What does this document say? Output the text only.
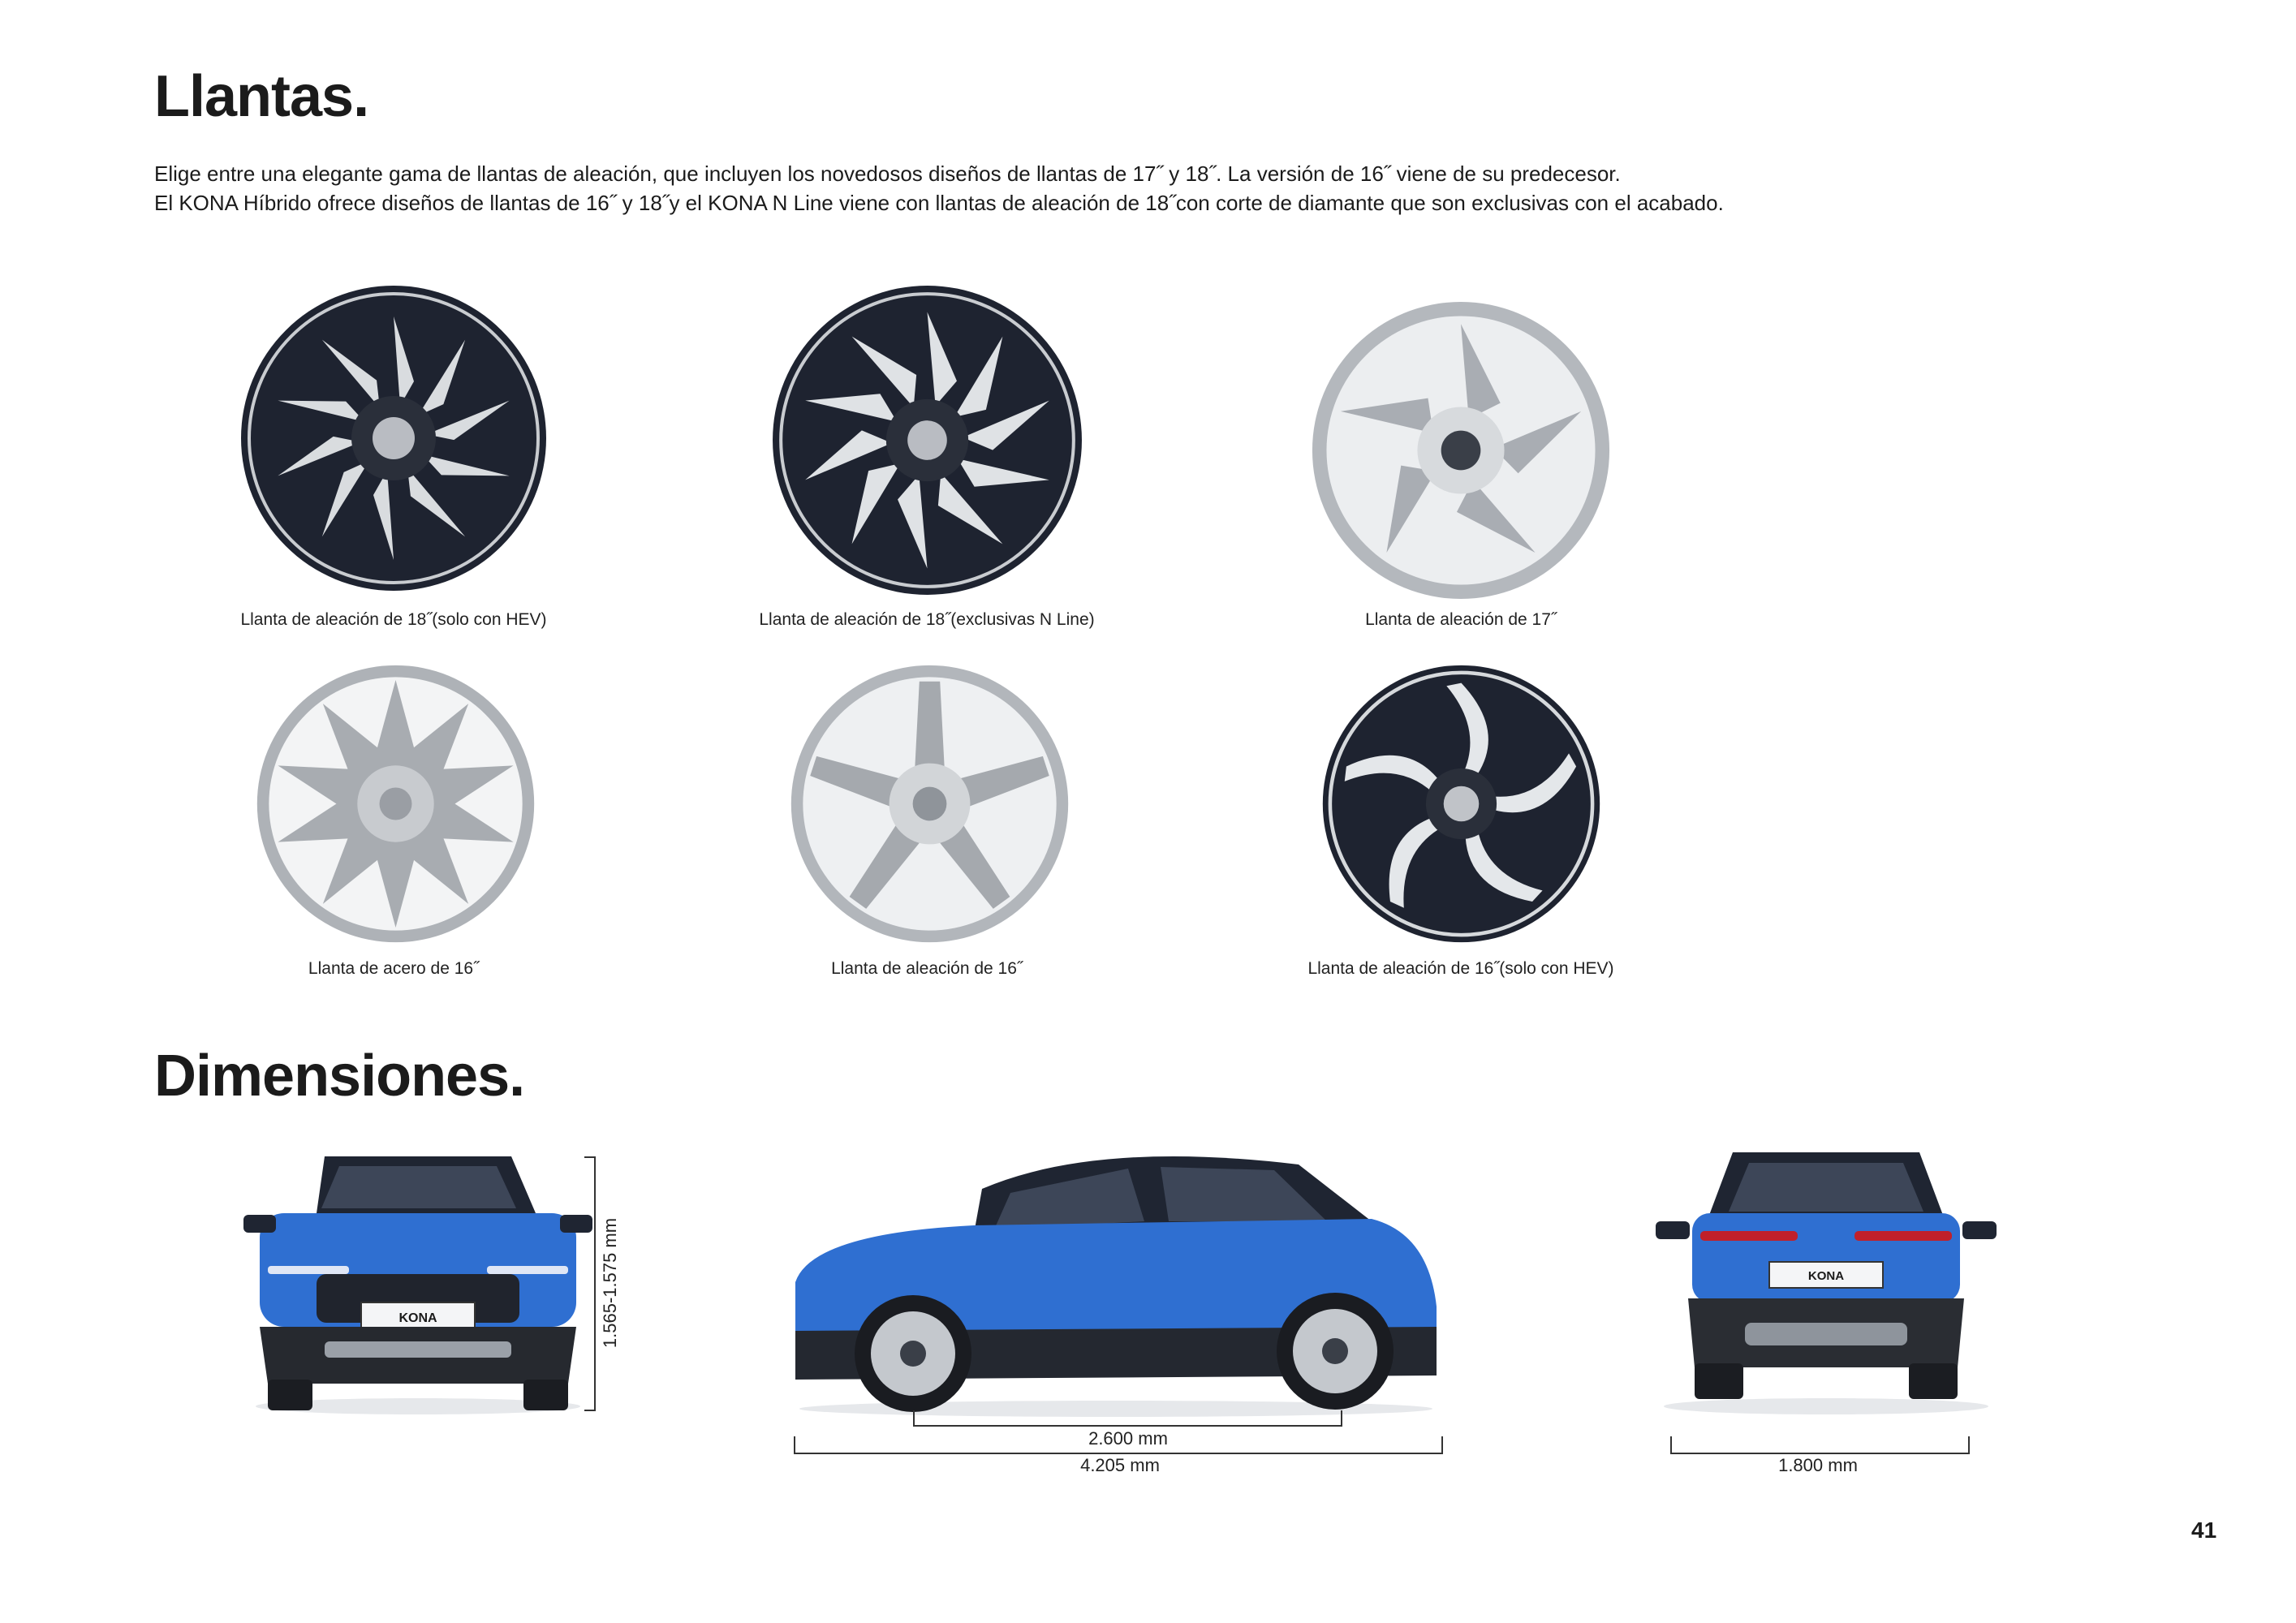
Llantas.

Elige entre una elegante gama de llantas de aleación, que incluyen los novedosos diseños de llantas de 17˝ y 18˝. La versión de 16˝ viene de su predecesor.

El KONA Híbrido ofrece diseños de llantas de 16˝ y 18˝y el KONA N Line viene con llantas de aleación de 18˝con corte de diamante que son exclusivas con el acabado.

Llanta de aleación de 18˝(solo con HEV)	Llanta de aleación de 18˝(exclusivas N Line)	Llanta de aleación de 17˝
Llanta de acero de 16˝	Llanta de aleación de 16˝	Llanta de aleación de 16˝(solo con HEV)
Dimensiones.
KONA	1.565-1.575 mm
2.600 mm
4.205 mm
KONA
1.800 mm
41
